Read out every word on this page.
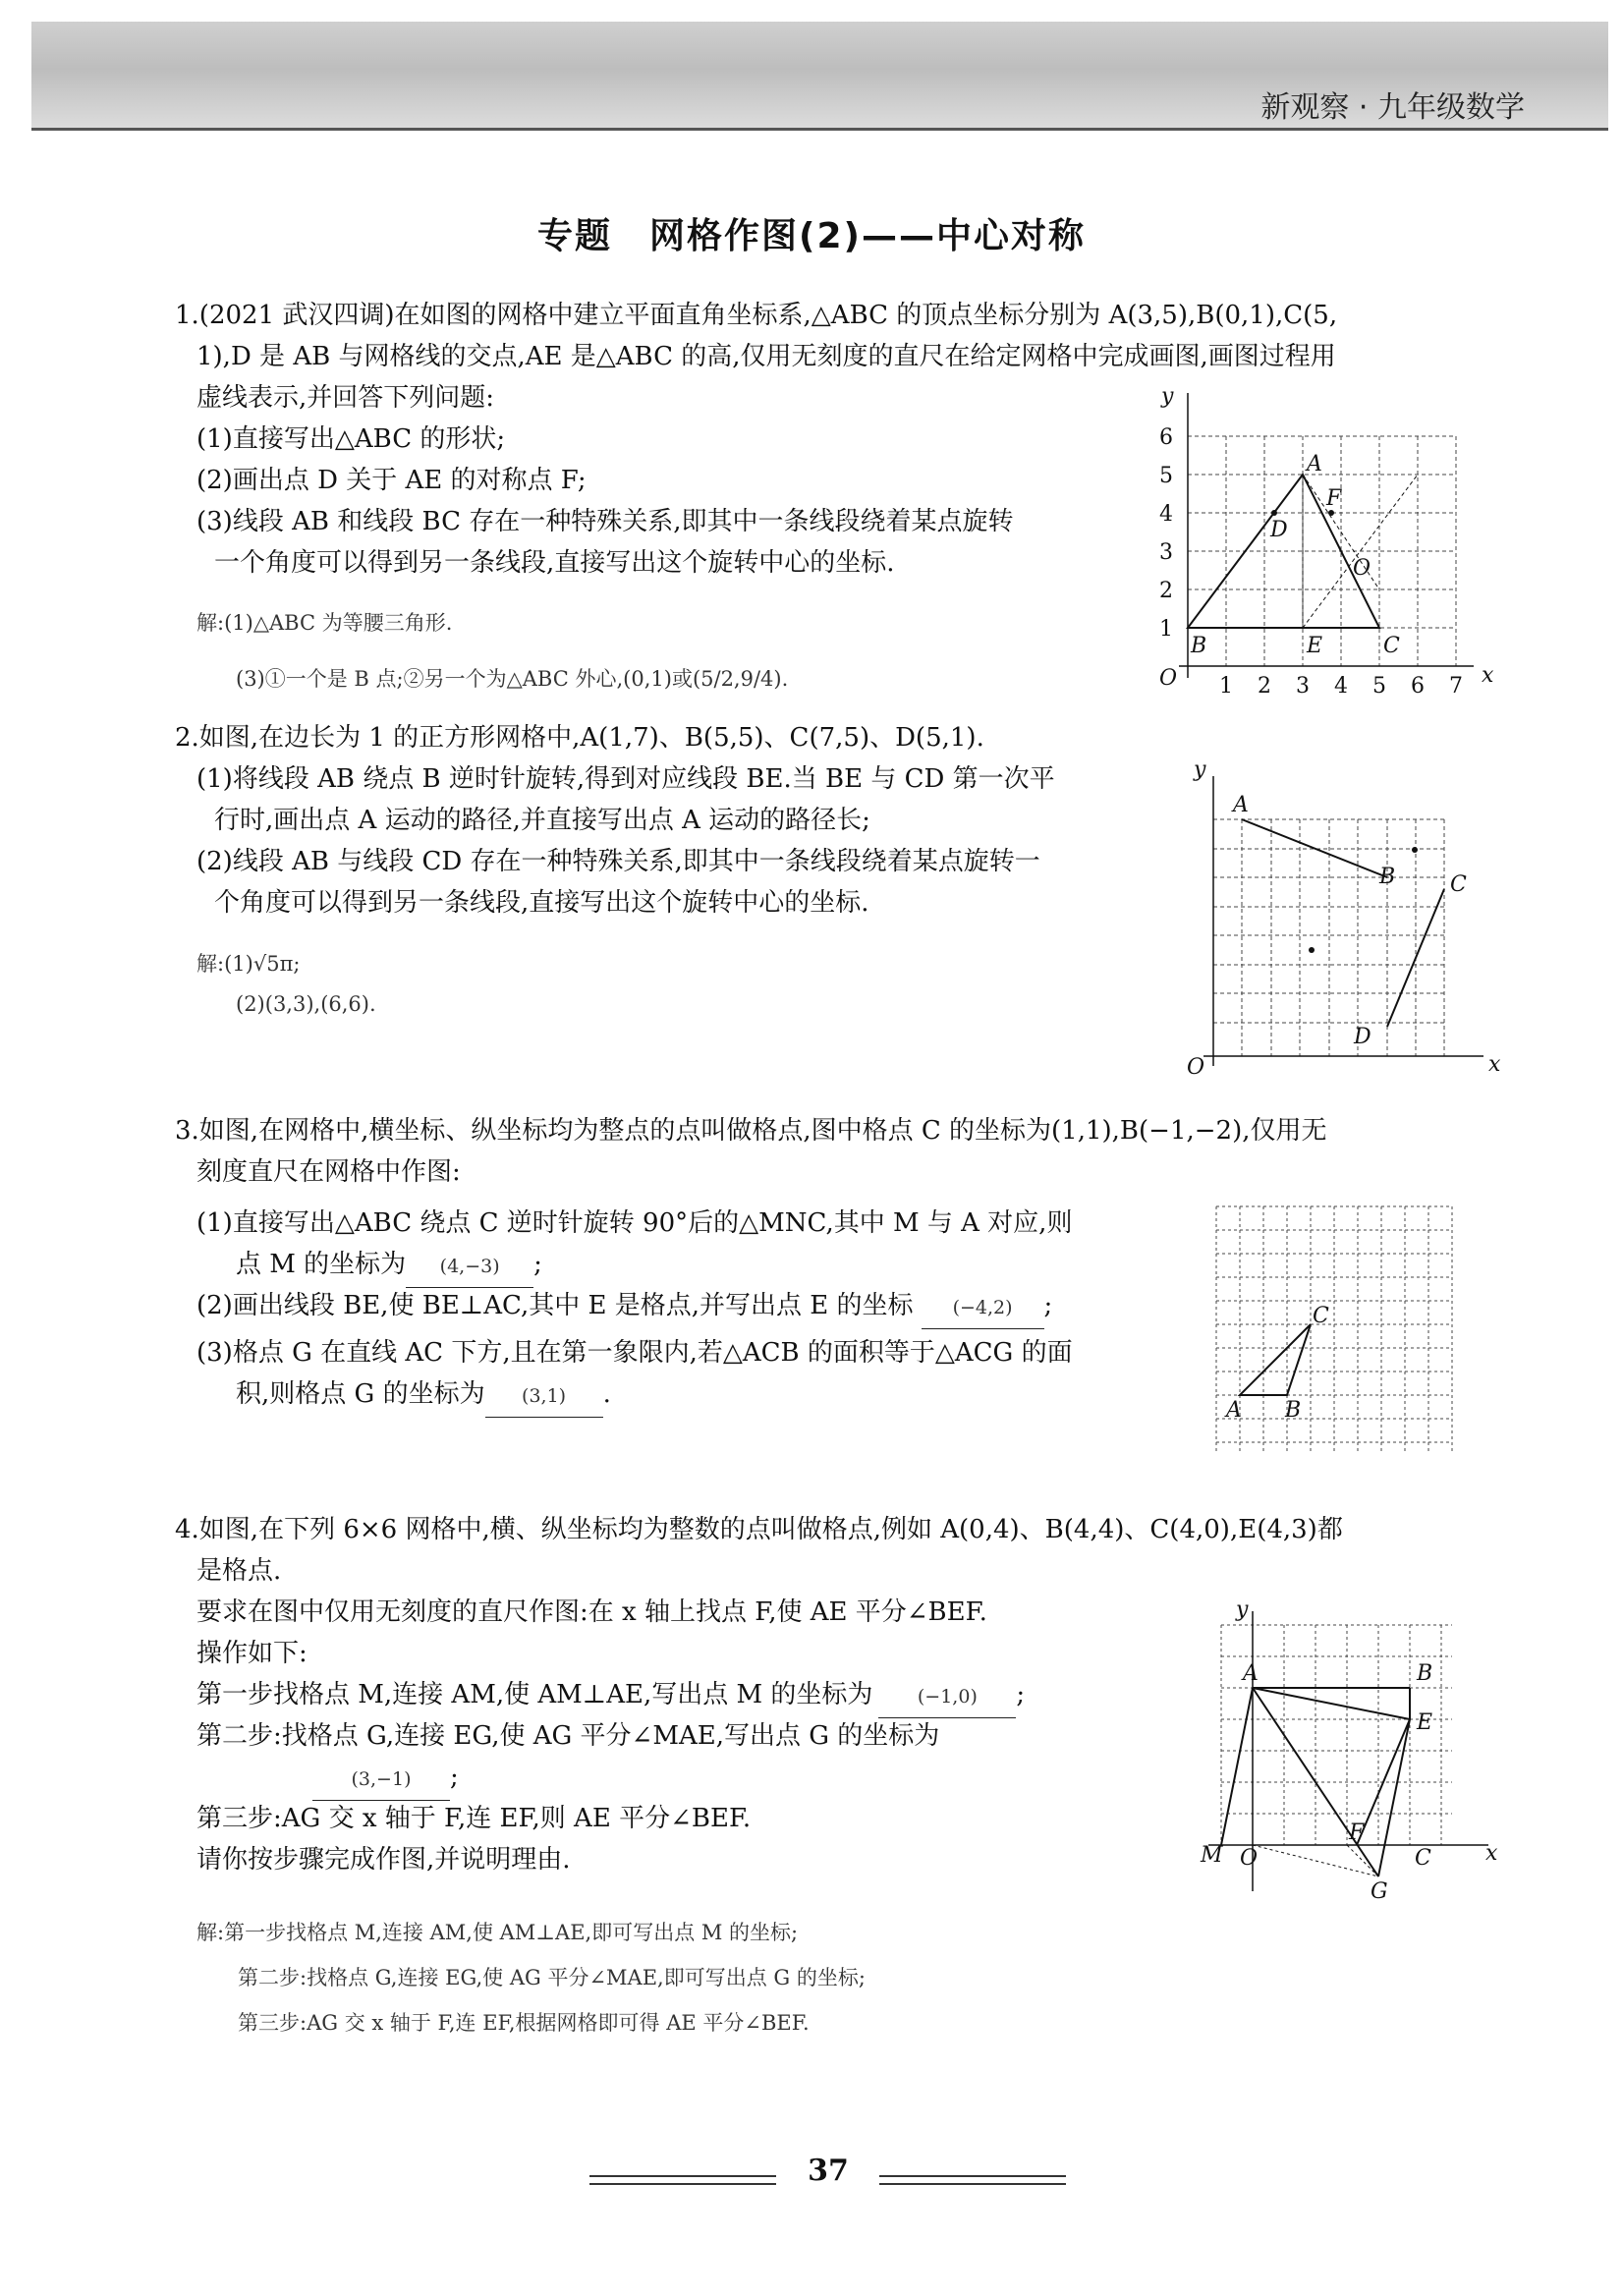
新观察 · 九年级数学
专题　网格作图(2)——中心对称
1.(2021 武汉四调)在如图的网格中建立平面直角坐标系,△ABC 的顶点坐标分别为 A(3,5),B(0,1),C(5,
1),D 是 AB 与网格线的交点,AE 是△ABC 的高,仅用无刻度的直尺在给定网格中完成画图,画图过程用
虚线表示,并回答下列问题:
(1)直接写出△ABC 的形状;
(2)画出点 D 关于 AE 的对称点 F;
(3)线段 AB 和线段 BC 存在一种特殊关系,即其中一条线段绕着某点旋转
一个角度可以得到另一条线段,直接写出这个旋转中心的坐标.
解:(1)△ABC 为等腰三角形.
(3)①一个是 B 点;②另一个为△ABC 外心,(0,1)或(5/2,9/4).
y
x
O
1
2
3
4
5
6
1 2 3 4 5 6 7
A
B	C
D
E
F
O
2.如图,在边长为 1 的正方形网格中,A(1,7)、B(5,5)、C(7,5)、D(5,1).
(1)将线段 AB 绕点 B 逆时针旋转,得到对应线段 BE.当 BE 与 CD 第一次平
行时,画出点 A 运动的路径,并直接写出点 A 运动的路径长;
(2)线段 AB 与线段 CD 存在一种特殊关系,即其中一条线段绕着某点旋转一
个角度可以得到另一条线段,直接写出这个旋转中心的坐标.
解:(1)√5π;
(2)(3,3),(6,6).
y
x
O
A
B	C
D
3.如图,在网格中,横坐标、纵坐标均为整点的点叫做格点,图中格点 C 的坐标为(1,1),B(−1,−2),仅用无
刻度直尺在网格中作图:
(1)直接写出△ABC 绕点 C 逆时针旋转 90°后的△MNC,其中 M 与 A 对应,则
点 M 的坐标为 (4,−3) ;
(2)画出线段 BE,使 BE⊥AC,其中 E 是格点,并写出点 E 的坐标 (−4,2) ;
(3)格点 G 在直线 AC 下方,且在第一象限内,若△ACB 的面积等于△ACG 的面
积,则格点 G 的坐标为 (3,1) .
A
C
B
4.如图,在下列 6×6 网格中,横、纵坐标均为整数的点叫做格点,例如 A(0,4)、B(4,4)、C(4,0),E(4,3)都
是格点.
要求在图中仅用无刻度的直尺作图:在 x 轴上找点 F,使 AE 平分∠BEF.
操作如下:
第一步找格点 M,连接 AM,使 AM⊥AE,写出点 M 的坐标为 (−1,0) ;
第二步:找格点 G,连接 EG,使 AG 平分∠MAE,写出点 G 的坐标为
(3,−1) ;
第三步:AG 交 x 轴于 F,连 EF,则 AE 平分∠BEF.
请你按步骤完成作图,并说明理由.
解:第一步找格点 M,连接 AM,使 AM⊥AE,即可写出点 M 的坐标;
第二步:找格点 G,连接 EG,使 AG 平分∠MAE,即可写出点 G 的坐标;
第三步:AG 交 x 轴于 F,连 EF,根据网格即可得 AE 平分∠BEF.
y
x
O
A	B
E
C
F
G
M
37
